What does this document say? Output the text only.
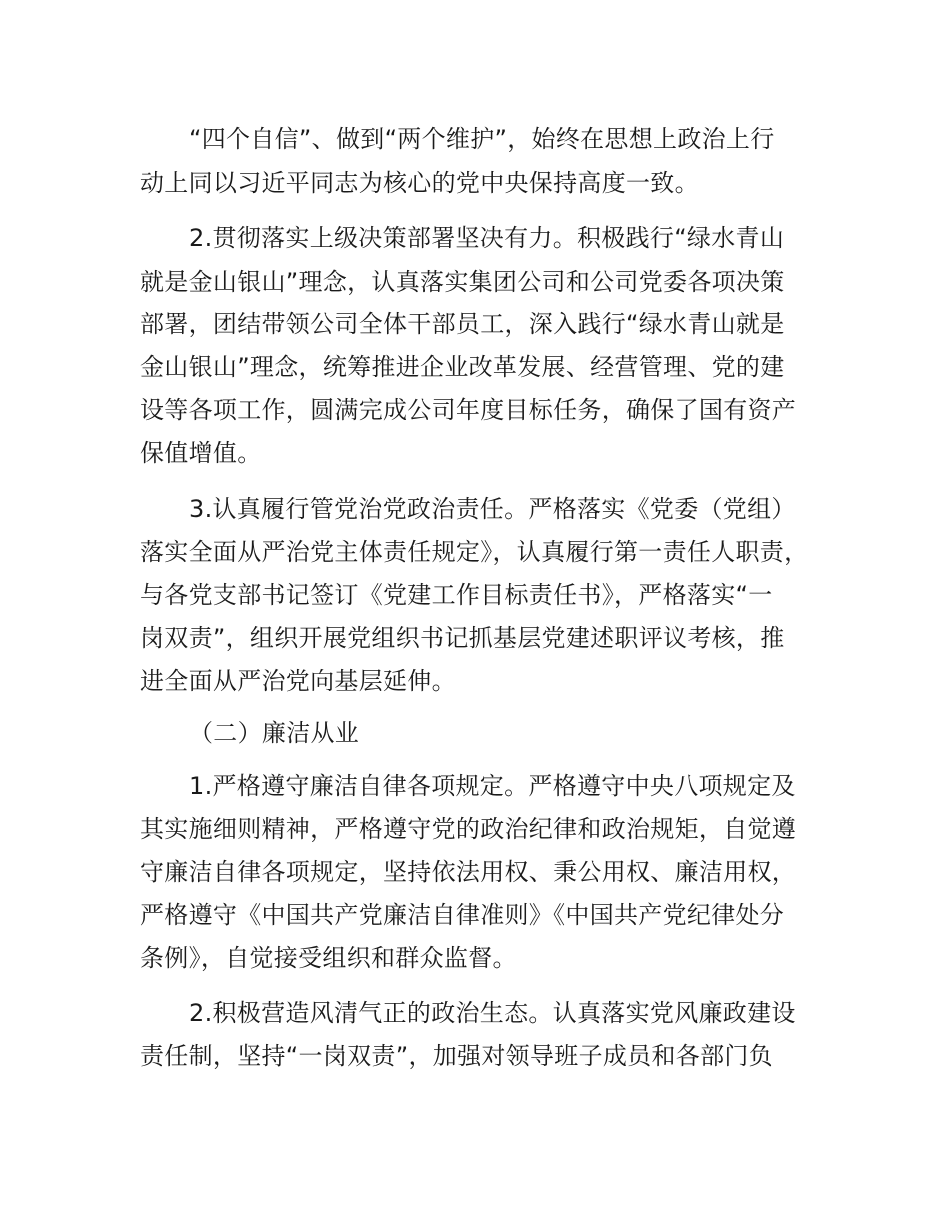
“四个自信”、做到“两个维护”，始终在思想上政治上行
动上同以习近平同志为核心的党中央保持高度一致。
2.贯彻落实上级决策部署坚决有力。积极践行“绿水青山
就是金山银山”理念，认真落实集团公司和公司党委各项决策
部署，团结带领公司全体干部员工，深入践行“绿水青山就是
金山银山”理念，统筹推进企业改革发展、经营管理、党的建
设等各项工作，圆满完成公司年度目标任务，确保了国有资产
保值增值。
3.认真履行管党治党政治责任。严格落实《党委（党组）
落实全面从严治党主体责任规定》，认真履行第一责任人职责，
与各党支部书记签订《党建工作目标责任书》，严格落实“一
岗双责”，组织开展党组织书记抓基层党建述职评议考核，推
进全面从严治党向基层延伸。
（二）廉洁从业
1.严格遵守廉洁自律各项规定。严格遵守中央八项规定及
其实施细则精神，严格遵守党的政治纪律和政治规矩，自觉遵
守廉洁自律各项规定，坚持依法用权、秉公用权、廉洁用权，
严格遵守《中国共产党廉洁自律准则》《中国共产党纪律处分
条例》，自觉接受组织和群众监督。
2.积极营造风清气正的政治生态。认真落实党风廉政建设
责任制，坚持“一岗双责”，加强对领导班子成员和各部门负
